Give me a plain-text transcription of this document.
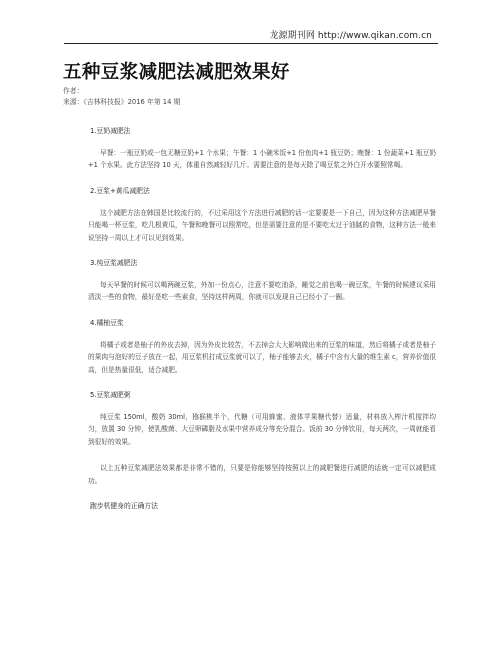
龙源期刊网 http://www.qikan.com.cn
五种豆浆减肥法减肥效果好
作者：
来源：《吉林科技报》2016 年第 14 期
1.豆奶减肥法
早餐：一瓶豆奶或一包无糖豆奶+1 个水果；午餐：1 小碗米饭+1 份鱼肉+1 瓶豆奶；晚餐：1 份蔬菜+1 瓶豆奶+1 个水果。此方法坚持 10 天，体重自然减轻好几斤。需要注意的是每天除了喝豆浆之外白开水要照常喝。
2.豆浆+黄瓜减肥法
这个减肥方法在韩国是比较流行的，不过采用这个方法进行减肥的话一定要要是一下自己，因为这种方法减肥早餐只能喝一杯豆浆，吃几根黄瓜，午餐和晚餐可以照常吃，但是需要注意的是不要吃太过于油腻的食物，这种方法一般来说坚持一周以上才可以见到效果。
3.纯豆浆减肥法
每天早餐的时候可以喝两碗豆浆，外加一份点心，注意不要吃油条，睡觉之前也喝一碗豆浆，午餐的时候建议采用清淡一些的食物，最好是吃一些素食，坚持这样两周，你就可以发现自己已经小了一圈。
4.橘柚豆浆
将橘子或者是柚子的外皮去掉，因为外皮比较苦，不去掉会大大影响做出来的豆浆的味道，然后将橘子或者是柚子的果肉与泡好的豆子放在一起，用豆浆机打成豆浆就可以了，柚子能够去火，橘子中含有大量的维生素 c，营养价值很高，但是热量很低，适合减肥。
5.豆浆减肥粥
纯豆浆 150ml，酸奶 30ml，猕猴桃半个，代糖（可用蜂蜜、液体苹果糖代替）适量，材料放入榨汁机搅拌均匀，放置 30 分钟，使乳酸菌、大豆卵磷脂及水果中营养成分等充分混合。饭前 30 分钟饮用，每天两次，一周就能看到很好的效果。
以上五种豆浆减肥法效果都是非常不错的，只要是你能够坚持按照以上的减肥餐进行减肥的话就一定可以减肥成功。
跑步机健身的正确方法
